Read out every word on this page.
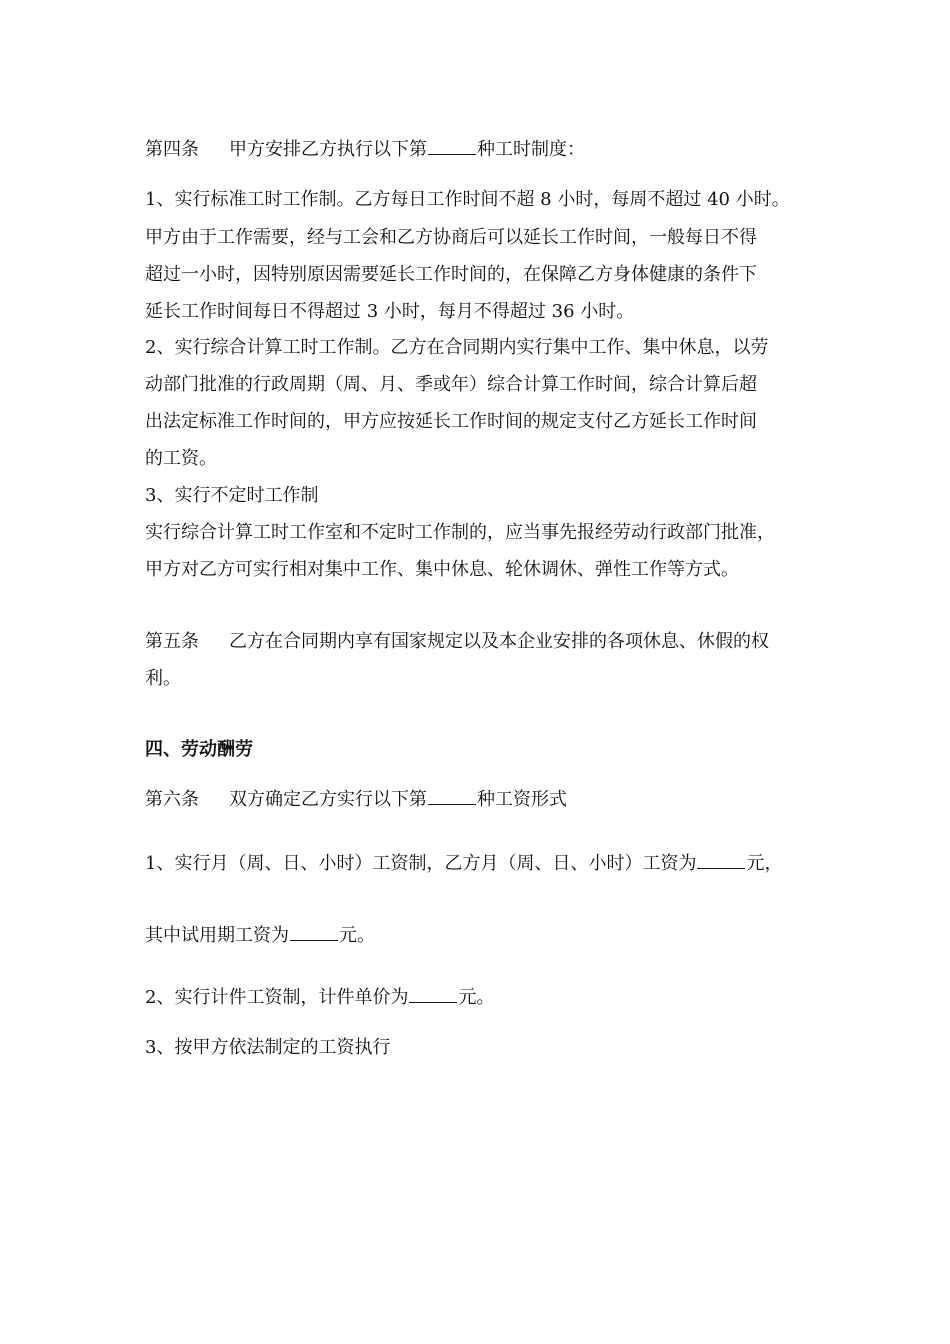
第四条 甲方安排乙方执行以下第	种工时制度：
1、实行标准工时工作制。乙方每日工作时间不超 8 小时，每周不超过 40 小时。
甲方由于工作需要，经与工会和乙方协商后可以延长工作时间，一般每日不得
超过一小时，因特别原因需要延长工作时间的，在保障乙方身体健康的条件下
延长工作时间每日不得超过 3 小时，每月不得超过 36 小时。
2、实行综合计算工时工作制。乙方在合同期内实行集中工作、集中休息，以劳
动部门批准的行政周期（周、月、季或年）综合计算工作时间，综合计算后超
出法定标准工作时间的，甲方应按延长工作时间的规定支付乙方延长工作时间
的工资。
3、实行不定时工作制
实行综合计算工时工作室和不定时工作制的，应当事先报经劳动行政部门批准，
甲方对乙方可实行相对集中工作、集中休息、轮休调休、弹性工作等方式。
第五条 乙方在合同期内享有国家规定以及本企业安排的各项休息、休假的权
利。
四、劳动酬劳
第六条 双方确定乙方实行以下第	种工资形式
1、实行月（周、日、小时）工资制，乙方月（周、日、小时）工资为	元，
其中试用期工资为	元。
2、实行计件工资制，计件单价为	元。
3、按甲方依法制定的工资执行
